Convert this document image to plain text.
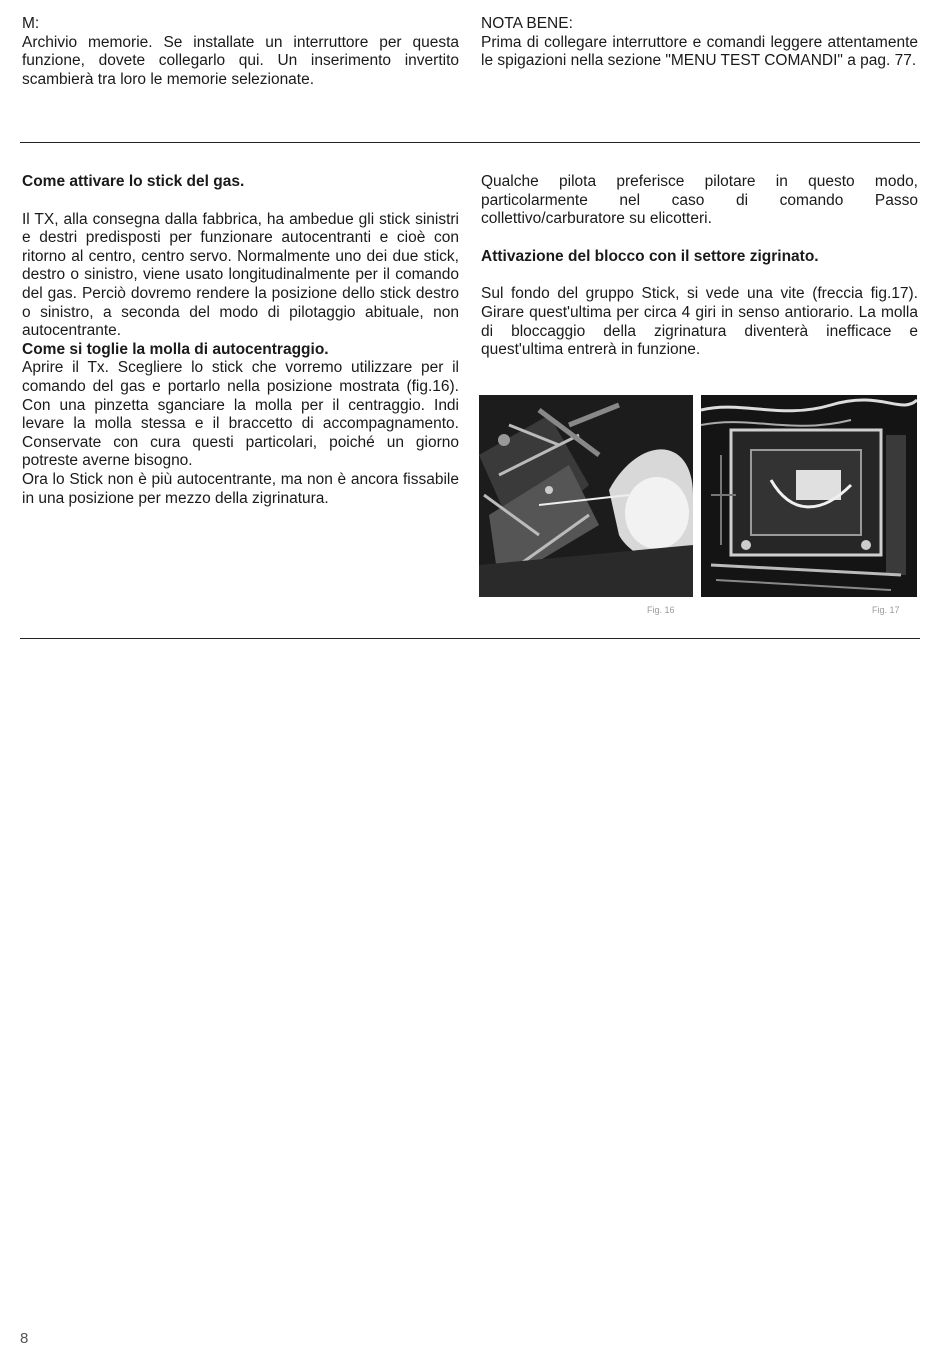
M:

Archivio memorie. Se installate un interruttore per questa funzione, dovete collegarlo qui. Un inserimento invertito scambierà tra loro le memorie selezionate.

NOTA BENE:

Prima di collegare interruttore e comandi leggere attentamente le spigazioni nella sezione "MENU TEST COMANDI" a pag. 77.

Come attivare lo stick del gas.

Il TX, alla consegna dalla fabbrica, ha ambedue gli stick sinistri e destri predisposti per funzionare autocentranti e cioè con ritorno al centro, centro servo. Normalmente uno dei due stick, destro o sinistro, viene usato longitudinalmente per il comando del gas. Perciò dovremo rendere la posizione dello stick destro o sinistro, a seconda del modo di pilotaggio abituale, non autocentrante.

Come si toglie la molla di autocentraggio.

Aprire il Tx. Scegliere lo stick che vorremo utilizzare per il comando del gas e portarlo nella posizione mostrata (fig.16). Con una pinzetta sganciare la molla per il centraggio. Indi levare la molla stessa e il braccetto di accompagnamento. Conservate con cura questi particolari, poiché un giorno potreste averne bisogno.

Ora lo Stick non è più autocentrante, ma non è ancora fissabile in una posizione per mezzo della zigrinatura.

Qualche pilota preferisce pilotare in questo modo, particolarmente nel caso di comando Passo collettivo/carburatore su elicotteri.

Attivazione del blocco con il settore zigrinato.

Sul fondo del gruppo Stick, si vede una vite (freccia fig.17). Girare quest'ultima per circa 4 giri in senso antiorario. La molla di bloccaggio della zigrinatura diventerà inefficace e quest'ultima entrerà in funzione.

Fig. 16	Fig. 17
8
